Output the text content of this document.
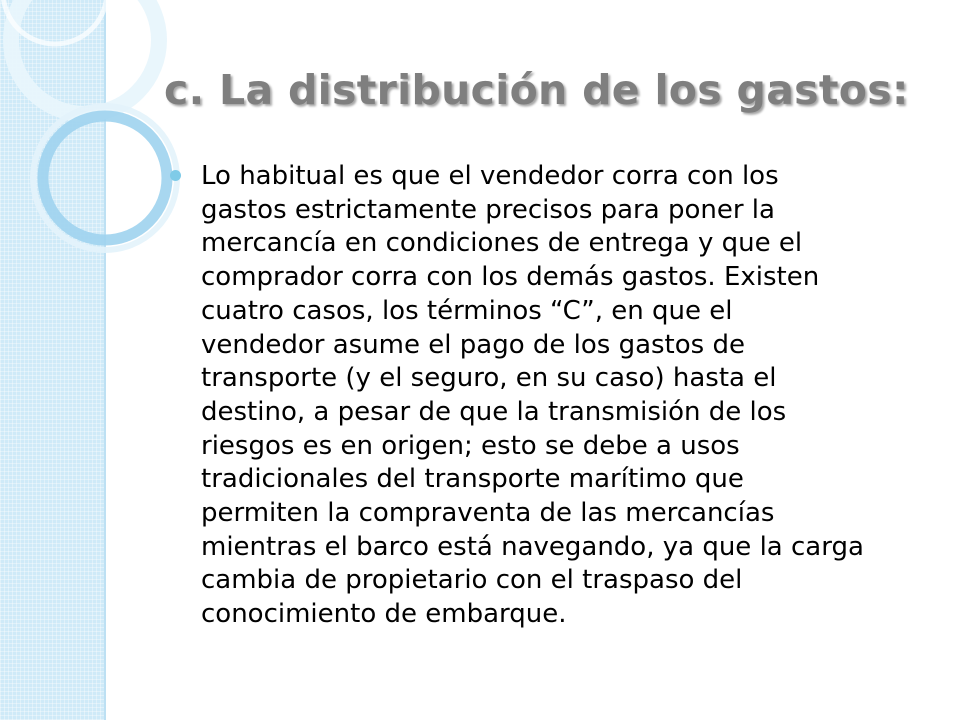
c. La distribución de los gastos:
Lo habitual es que el vendedor corra con los
gastos estrictamente precisos para poner la
mercancía en condiciones de entrega y que el
comprador corra con los demás gastos. Existen
cuatro casos, los términos “C”, en que el
vendedor asume el pago de los gastos de
transporte (y el seguro, en su caso) hasta el
destino, a pesar de que la transmisión de los
riesgos es en origen; esto se debe a usos
tradicionales del transporte marítimo que
permiten la compraventa de las mercancías
mientras el barco está navegando, ya que la carga
cambia de propietario con el traspaso del
conocimiento de embarque.
